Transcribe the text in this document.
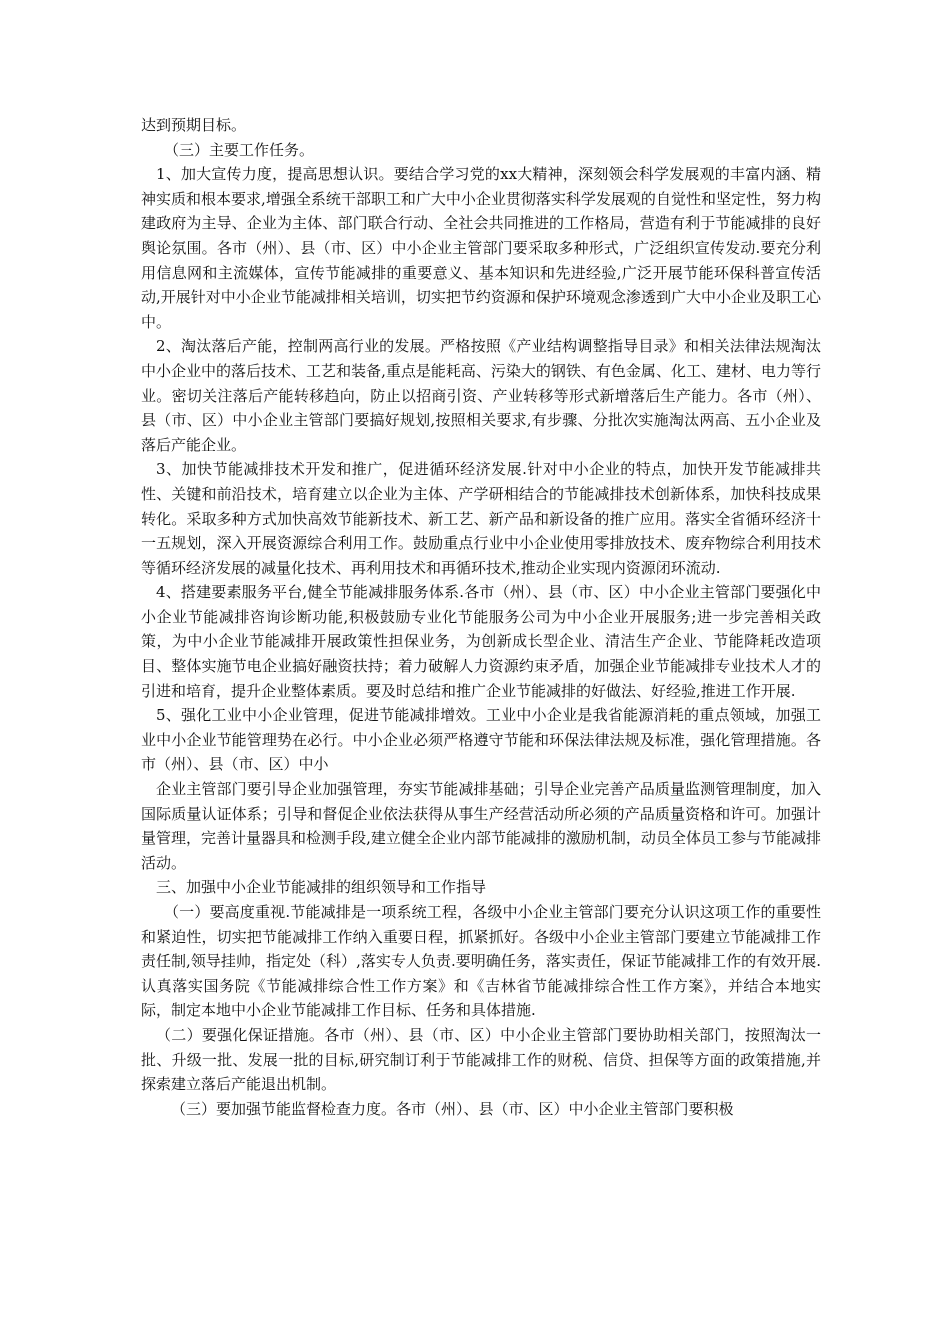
达到预期目标。

（三）主要工作任务。

1、加大宣传力度，提高思想认识。要结合学习党的xx大精神，深刻领会科学发展观的丰富内涵、精神实质和根本要求,增强全系统干部职工和广大中小企业贯彻落实科学发展观的自觉性和坚定性，努力构建政府为主导、企业为主体、部门联合行动、全社会共同推进的工作格局，营造有利于节能减排的良好舆论氛围。各市（州）、县（市、区）中小企业主管部门要采取多种形式，广泛组织宣传发动.要充分利用信息网和主流媒体，宣传节能减排的重要意义、基本知识和先进经验,广泛开展节能环保科普宣传活动,开展针对中小企业节能减排相关培训，切实把节约资源和保护环境观念渗透到广大中小企业及职工心中。

2、淘汰落后产能，控制两高行业的发展。严格按照《产业结构调整指导目录》和相关法律法规淘汰中小企业中的落后技术、工艺和装备,重点是能耗高、污染大的钢铁、有色金属、化工、建材、电力等行业。密切关注落后产能转移趋向，防止以招商引资、产业转移等形式新增落后生产能力。各市（州）、县（市、区）中小企业主管部门要搞好规划,按照相关要求,有步骤、分批次实施淘汰两高、五小企业及落后产能企业。

3、加快节能减排技术开发和推广，促进循环经济发展.针对中小企业的特点，加快开发节能减排共性、关键和前沿技术，培育建立以企业为主体、产学研相结合的节能减排技术创新体系，加快科技成果转化。采取多种方式加快高效节能新技术、新工艺、新产品和新设备的推广应用。落实全省循环经济十一五规划，深入开展资源综合利用工作。鼓励重点行业中小企业使用零排放技术、废弃物综合利用技术等循环经济发展的减量化技术、再利用技术和再循环技术,推动企业实现内资源闭环流动.

4、搭建要素服务平台,健全节能减排服务体系.各市（州）、县（市、区）中小企业主管部门要强化中小企业节能减排咨询诊断功能,积极鼓励专业化节能服务公司为中小企业开展服务;进一步完善相关政策，为中小企业节能减排开展政策性担保业务，为创新成长型企业、清洁生产企业、节能降耗改造项目、整体实施节电企业搞好融资扶持；着力破解人力资源约束矛盾，加强企业节能减排专业技术人才的引进和培育，提升企业整体素质。要及时总结和推广企业节能减排的好做法、好经验,推进工作开展.

5、强化工业中小企业管理，促进节能减排增效。工业中小企业是我省能源消耗的重点领域，加强工业中小企业节能管理势在必行。中小企业必须严格遵守节能和环保法律法规及标准，强化管理措施。各市（州）、县（市、区）中小

企业主管部门要引导企业加强管理，夯实节能减排基础；引导企业完善产品质量监测管理制度，加入国际质量认证体系；引导和督促企业依法获得从事生产经营活动所必须的产品质量资格和许可。加强计量管理，完善计量器具和检测手段,建立健全企业内部节能减排的激励机制，动员全体员工参与节能减排活动。

三、加强中小企业节能减排的组织领导和工作指导

（一）要高度重视.节能减排是一项系统工程，各级中小企业主管部门要充分认识这项工作的重要性和紧迫性，切实把节能减排工作纳入重要日程，抓紧抓好。各级中小企业主管部门要建立节能减排工作责任制,领导挂帅，指定处（科）,落实专人负责.要明确任务，落实责任，保证节能减排工作的有效开展.认真落实国务院《节能减排综合性工作方案》和《吉林省节能减排综合性工作方案》，并结合本地实际，制定本地中小企业节能减排工作目标、任务和具体措施.

（二）要强化保证措施。各市（州）、县（市、区）中小企业主管部门要协助相关部门，按照淘汰一批、升级一批、发展一批的目标,研究制订利于节能减排工作的财税、信贷、担保等方面的政策措施,并探索建立落后产能退出机制。

（三）要加强节能监督检查力度。各市（州）、县（市、区）中小企业主管部门要积极
